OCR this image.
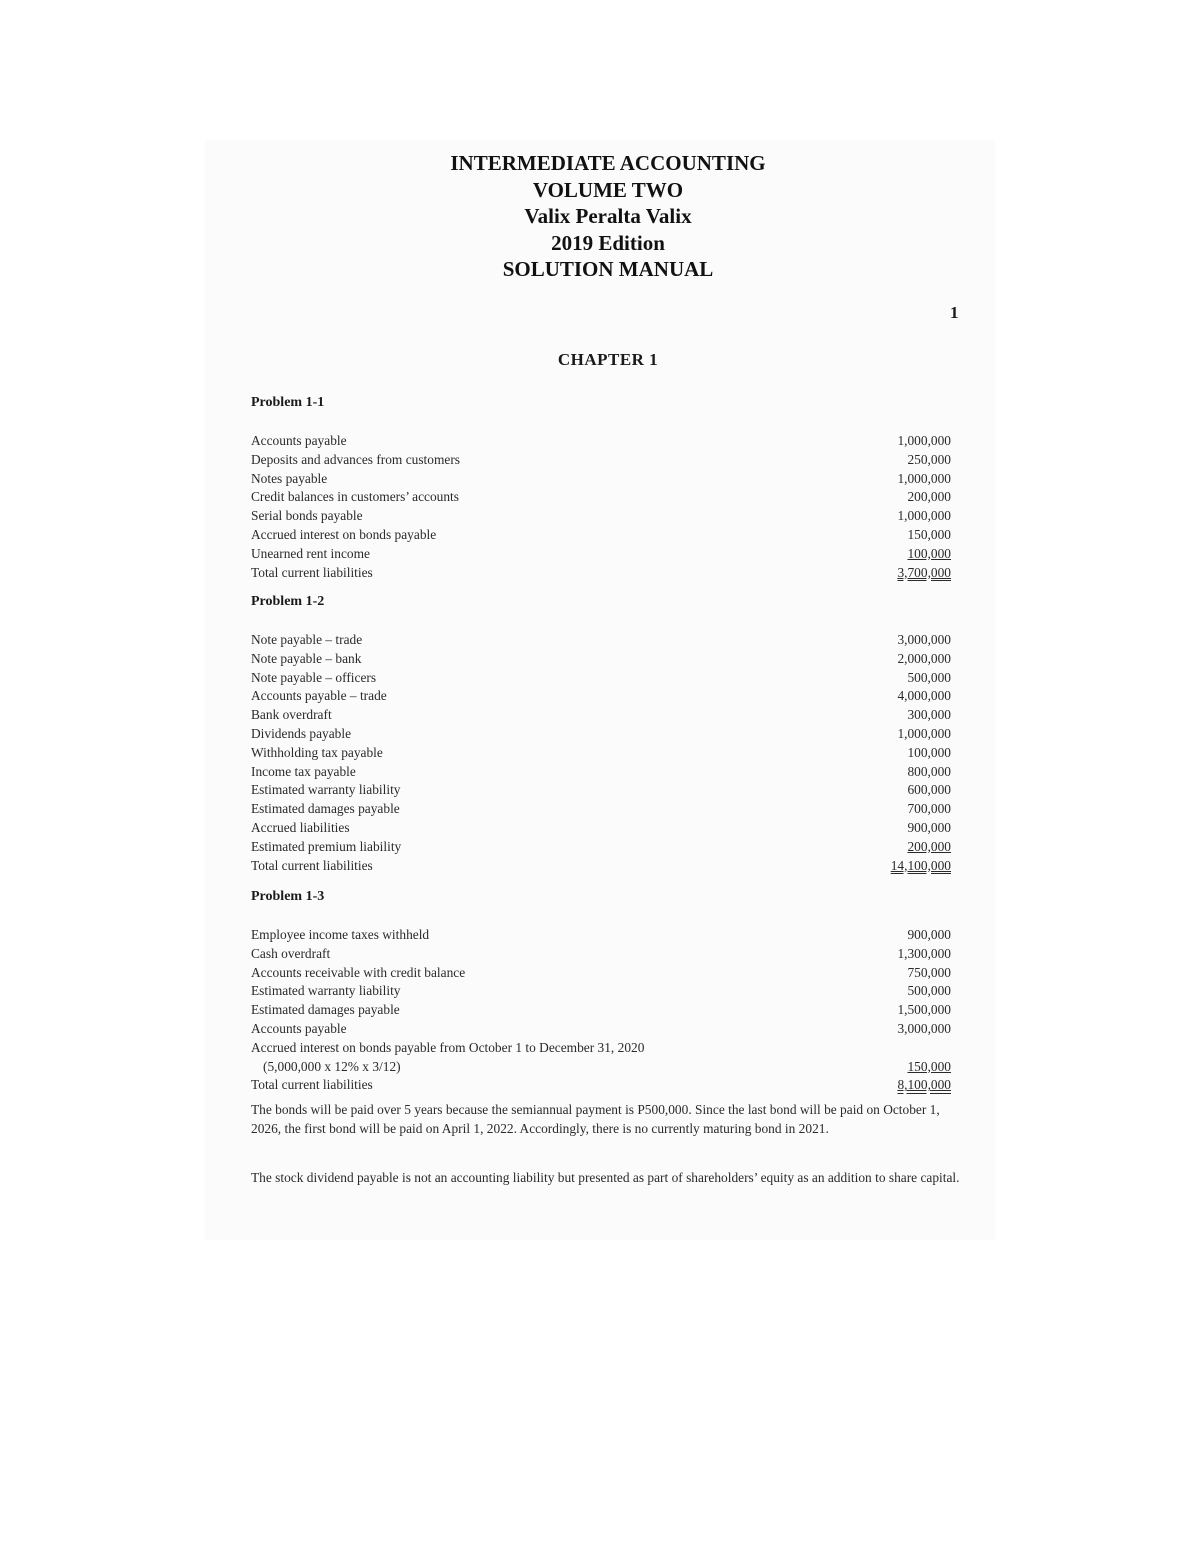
INTERMEDIATE ACCOUNTING
VOLUME TWO
Valix Peralta Valix
2019 Edition
SOLUTION MANUAL
1
CHAPTER 1
Problem 1-1
Accounts payable	1,000,000
Deposits and advances from customers	250,000
Notes payable	1,000,000
Credit balances in customers’ accounts	200,000
Serial bonds payable	1,000,000
Accrued interest on bonds payable	150,000
Unearned rent income	100,000
Total current liabilities	3,700,000
Problem 1-2
Note payable – trade	3,000,000
Note payable – bank	2,000,000
Note payable – officers	500,000
Accounts payable – trade	4,000,000
Bank overdraft	300,000
Dividends payable	1,000,000
Withholding tax payable	100,000
Income tax payable	800,000
Estimated warranty liability	600,000
Estimated damages payable	700,000
Accrued liabilities	900,000
Estimated premium liability	200,000
Total current liabilities	14,100,000
Problem 1-3
Employee income taxes withheld	900,000
Cash overdraft	1,300,000
Accounts receivable with credit balance	750,000
Estimated warranty liability	500,000
Estimated damages payable	1,500,000
Accounts payable	3,000,000
Accrued interest on bonds payable from October 1 to December 31, 2020
(5,000,000 x 12% x 3/12)	150,000
Total current liabilities	8,100,000

The bonds will be paid over 5 years because the semiannual payment is P500,000. Since the last bond will be paid on October 1, 2026, the first bond will be paid on April 1, 2022. Accordingly, there is no currently maturing bond in 2021.

The stock dividend payable is not an accounting liability but presented as part of shareholders’ equity as an addition to share capital.
